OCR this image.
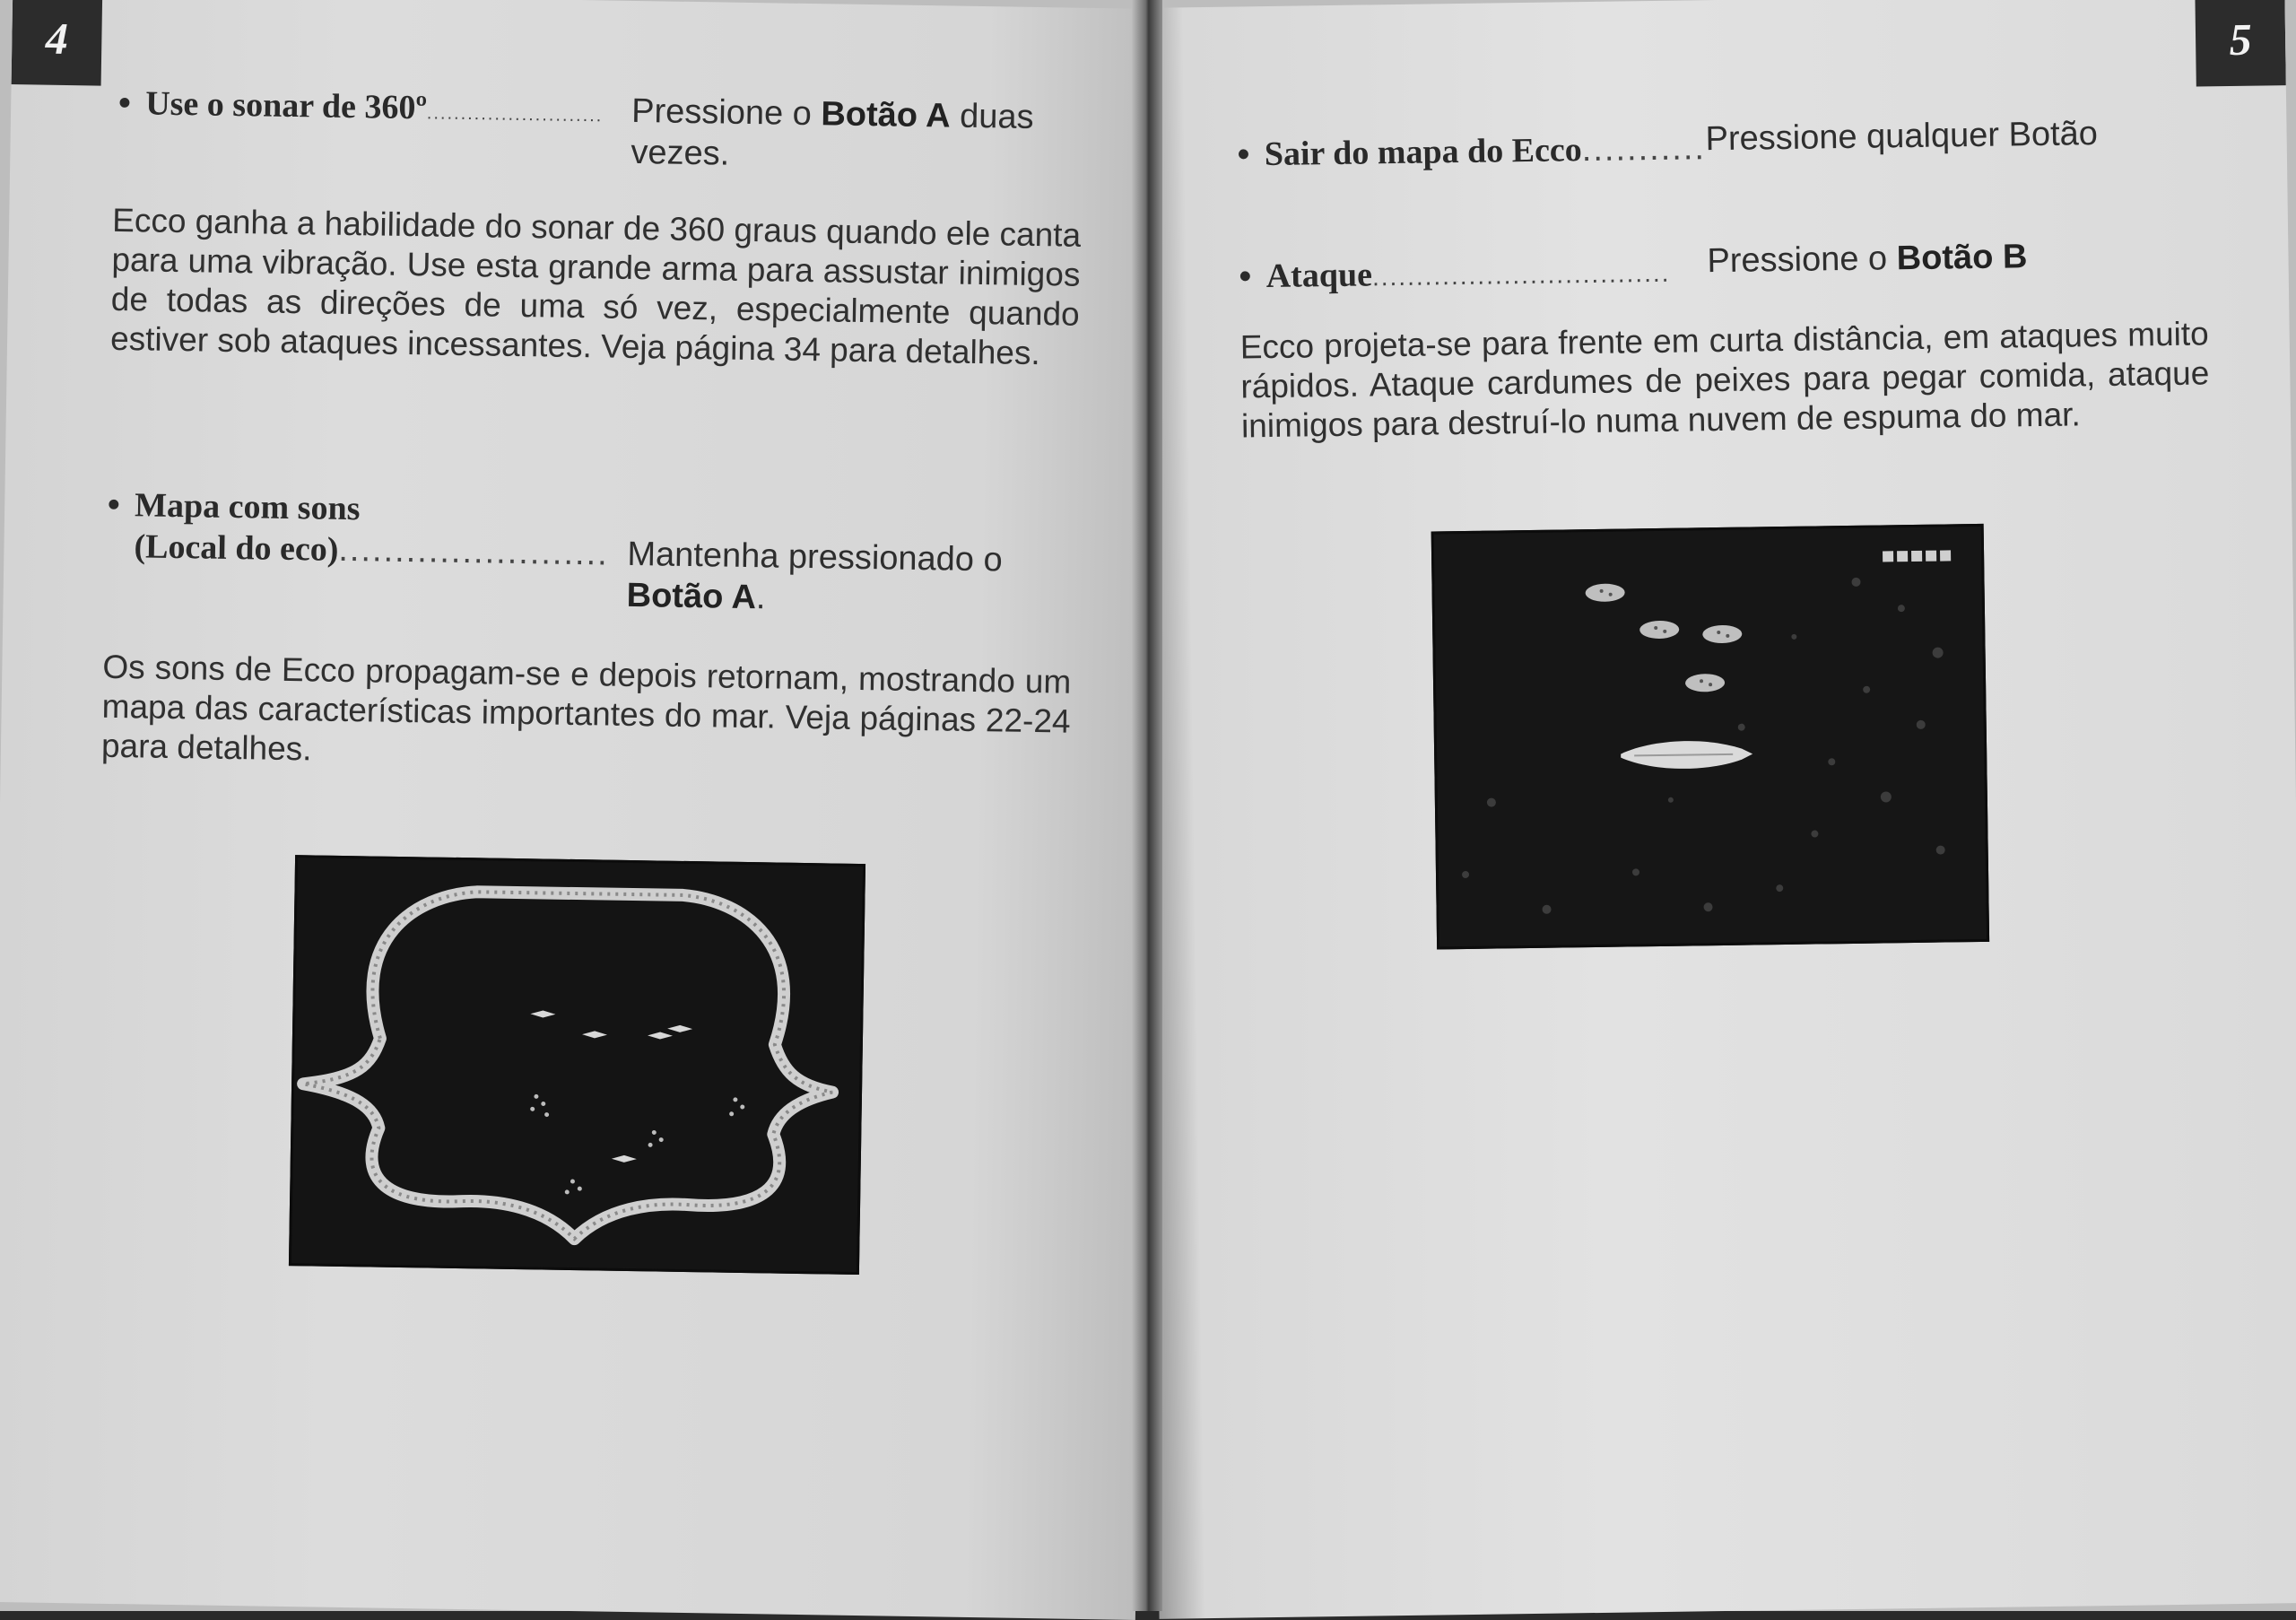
4
• Use o sonar de 360º.......................... Pressione o Botão A duas vezes.

Ecco ganha a habilidade do sonar de 360 graus quando ele canta para uma vibração. Use esta grande arma para assustar inimigos de todas as direções de uma só vez, especialmente quando estiver sob ataques incessantes. Veja página 34 para detalhes.

• Mapa com sons
(Local do eco)........................ Mantenha pressionado o Botão A.

Os sons de Ecco propagam-se e depois retornam, mostrando um mapa das características importantes do mar. Veja páginas 22-24 para detalhes.

5
• Sair do mapa do Ecco........... Pressione qualquer Botão
• Ataque.................................. Pressione o Botão B

Ecco projeta-se para frente em curta distância, em ataques muito rápidos. Ataque cardumes de peixes para pegar comida, ataque inimigos para destruí-lo numa nuvem de espuma do mar.
